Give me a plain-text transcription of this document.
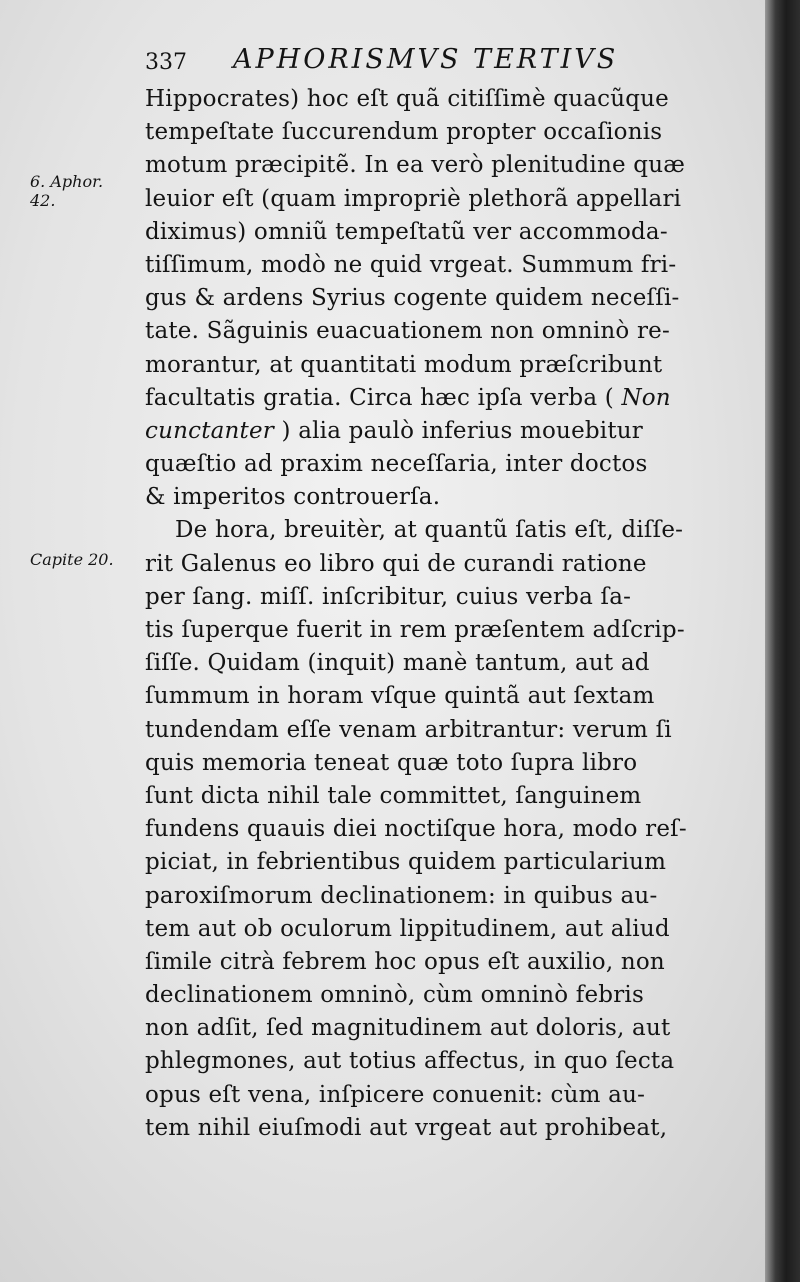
337 APHORISMVS TERTIVS
6. Aphor.
42.
Capite 20.
Hippocrates) hoc eſt quã citiſſimè quacũque
tempeſtate ſuccurendum propter occaſionis
motum præcipitẽ. In ea verò plenitudine quæ
leuior eſt (quam impropriè plethorã appellari
diximus) omniũ tempeſtatũ ver accommoda-
tiſſimum, modò ne quid vrgeat. Summum fri-
gus & ardens Syrius cogente quidem neceſſi-
tate. Sãguinis euacuationem non omninò re-
morantur, at quantitati modum præſcribunt
facultatis gratia. Circa hæc ipſa verba ( Non
cunctanter ) alia paulò inferius mouebitur
quæſtio ad praxim neceſſaria, inter doctos
& imperitos controuerſa.
De hora, breuitèr, at quantũ ſatis eſt, diſſe-
rit Galenus eo libro qui de curandi ratione
per ſang. miſſ. inſcribitur, cuius verba ſa-
tis ſuperque fuerit in rem præſentem adſcrip-
ſiſſe. Quidam (inquit) manè tantum, aut ad
ſummum in horam vſque quintã aut ſextam
tundendam eſſe venam arbitrantur: verum ſi
quis memoria teneat quæ toto ſupra libro
ſunt dicta nihil tale committet, ſanguinem
fundens quauis diei noctiſque hora, modo reſ-
piciat, in febrientibus quidem particularium
paroxiſmorum declinationem: in quibus au-
tem aut ob oculorum lippitudinem, aut aliud
ſimile citrà febrem hoc opus eſt auxilio, non
declinationem omninò, cùm omninò febris
non adſit, ſed magnitudinem aut doloris, aut
phlegmones, aut totius affectus, in quo ſecta
opus eſt vena, inſpicere conuenit: cùm au-
tem nihil eiuſmodi aut vrgeat aut prohibeat,
